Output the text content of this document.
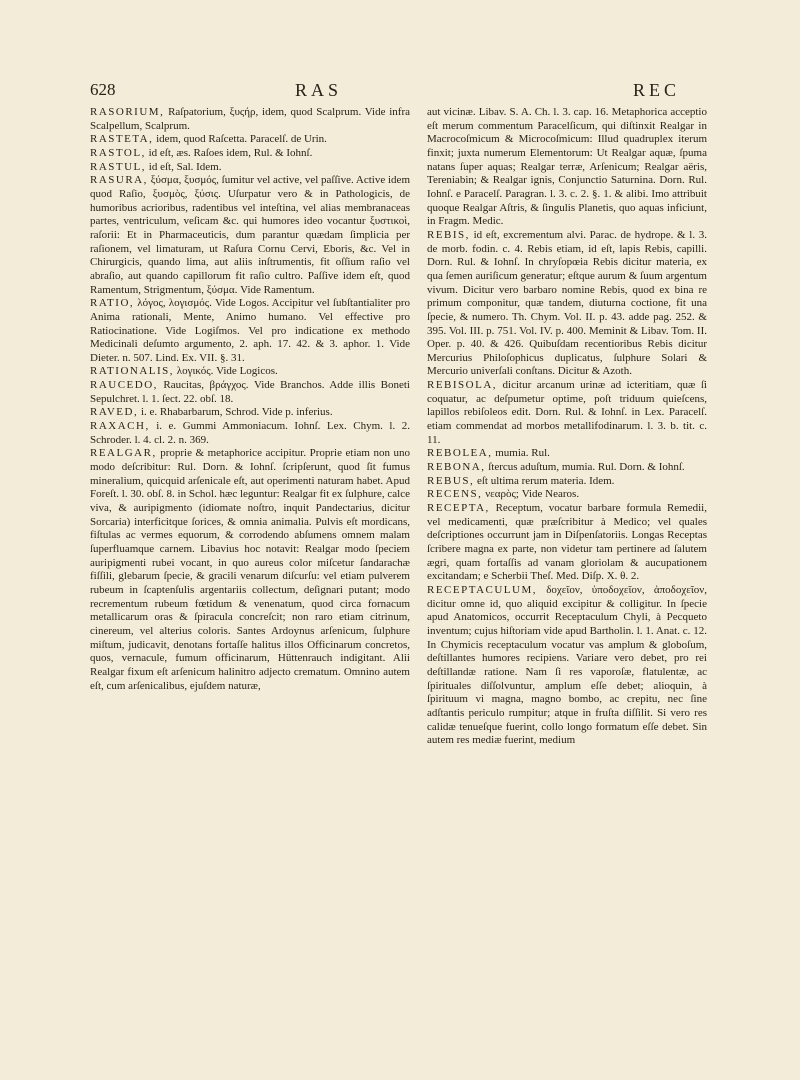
628	RAS	REC

RASORIUM, Raſpatorium, ξυςήρ, idem, quod Scalprum. Vide infra Scalpellum, Scalprum.

RASTETA, idem, quod Raſcetta. Paracelſ. de Urin.

RASTOL, id eſt, æs. Raſoes idem, Rul. & Iohnſ.

RASTUL, id eſt, Sal. Idem.

RASURA, ξύσμα, ξυσμός, ſumitur vel active, vel paſſive. Active idem quod Raſio, ξυσμὸς, ξύσις. Uſurpatur vero & in Pathologicis, de humoribus acrioribus, radentibus vel inteſtina, vel alias membranaceas partes, ventriculum, veſicam &c. qui humores ideo vocantur ξυστικοὶ, raſorii: Et in Pharmaceuticis, dum parantur quædam ſimplicia per raſionem, vel limaturam, ut Raſura Cornu Cervi, Eboris, &c. Vel in Chirurgicis, quando lima, aut aliis inſtrumentis, fit oſſium raſio vel abraſio, aut quando capillorum fit raſio cultro. Paſſive idem eſt, quod Ramentum, Strigmentum, ξύσμα. Vide Ramentum.

RATIO, λόγος, λογισμός. Vide Logos. Accipitur vel ſubſtantialiter pro Anima rationali, Mente, Animo humano. Vel effective pro Ratiocinatione. Vide Logiſmos. Vel pro indicatione ex methodo Medicinali deſumto argumento, 2. aph. 17. 42. & 3. aphor. 1. Vide Dieter. n. 507. Lind. Ex. VII. §. 31.

RATIONALIS, λογικός. Vide Logicos.

RAUCEDO, Raucitas, βράγχος. Vide Branchos. Adde illis Boneti Sepulchret. l. 1. ſect. 22. obſ. 18.

RAVED, i. e. Rhabarbarum, Schrod. Vide p. inferius.

RAXACH, i. e. Gummi Ammoniacum. Iohnſ. Lex. Chym. l. 2. Schroder. l. 4. cl. 2. n. 369.

REALGAR, proprie & metaphorice accipitur. Proprie etiam non uno modo deſcribitur: Rul. Dorn. & Iohnſ. ſcripſerunt, quod ſit fumus mineralium, quicquid arſenicale eſt, aut operimenti naturam habet. Apud Foreſt. l. 30. obſ. 8. in Schol. hæc leguntur: Realgar fit ex ſulphure, calce viva, & auripigmento (idiomate noſtro, inquit Pandectarius, dicitur Sorcaria) interficitque ſorices, & omnia animalia. Pulvis eſt mordicans, fiſtulas ac vermes equorum, & corrodendo abſumens omnem malam ſuperfluamque carnem. Libavius hoc notavit: Realgar modo ſpeciem auripigmenti rubei vocant, in quo aureus color miſcetur ſandarachæ fiſſili, glebarum ſpecie, & gracili venarum diſcurſu: vel etiam pulverem rubeum in ſcaptenſulis argentariis collectum, deſignari putant; modo recrementum rubeum fœtidum & venenatum, quod circa fornacum metallicarum oras & ſpiracula concreſcit; non raro etiam citrinum, cinereum, vel alterius coloris. Santes Ardoynus arſenicum, ſulphure miſtum, judicavit, denotans fortaſſe halitus illos Officinarum concretos, quos, vernacule, fumum officinarum, Hüttenrauch indigitant. Alii Realgar fixum eſt arſenicum halinitro adjecto crematum. Omnino autem eſt, cum arſenicalibus, ejuſdem naturæ,

aut vicinæ. Libav. S. A. Ch. l. 3. cap. 16. Metaphorica acceptio eſt merum commentum Paracelſicum, qui diſtinxit Realgar in Macrocoſmicum & Microcoſmicum: Illud quadruplex iterum finxit; juxta numerum Elementorum: Ut Realgar aquæ, ſpuma natans ſuper aquas; Realgar terræ, Arſenicum; Realgar aëris, Tereniabin; & Realgar ignis, Conjunctio Saturnina. Dorn. Rul. Iohnſ. e Paracelſ. Paragran. l. 3. c. 2. §. 1. & alibi. Imo attribuit quoque Realgar Aſtris, & ſingulis Planetis, quo aquas inficiunt, in Fragm. Medic.

REBIS, id eſt, excrementum alvi. Parac. de hydrope. & l. 3. de morb. fodin. c. 4. Rebis etiam, id eſt, lapis Rebis, capilli. Dorn. Rul. & Iohnſ. In chryſopœia Rebis dicitur materia, ex qua ſemen auriſicum generatur; eſtque aurum & ſuum argentum vivum. Dicitur vero barbaro nomine Rebis, quod ex bina re primum componitur, quæ tandem, diuturna coctione, fit una ſpecie, & numero. Th. Chym. Vol. II. p. 43. adde pag. 252. & 395. Vol. III. p. 751. Vol. IV. p. 400. Meminit & Libav. Tom. II. Oper. p. 40. & 426. Quibuſdam recentioribus Rebis dicitur Mercurius Philoſophicus duplicatus, ſulphure Solari & Mercurio univerſali conſtans. Dicitur & Azoth.

REBISOLA, dicitur arcanum urinæ ad icteritiam, quæ ſi coquatur, ac deſpumetur optime, poſt triduum quieſcens, lapillos rebiſoleos edit. Dorn. Rul. & Iohnſ. in Lex. Paracelſ. etiam commendat ad morbos metallifodinarum. l. 3. b. tit. c. 11.

REBOLEA, mumia. Rul.

REBONA, ſtercus aduſtum, mumia. Rul. Dorn. & Iohnſ.

REBUS, eſt ultima rerum materia. Idem.

RECENS, νεαρὸς; Vide Nearos.

RECEPTA, Receptum, vocatur barbare formula Remedii, vel medicamenti, quæ præſcribitur à Medico; vel quales deſcriptiones occurrunt jam in Diſpenſatoriis. Longas Receptas ſcribere magna ex parte, non videtur tam pertinere ad ſalutem ægri, quam fortaſſis ad vanam gloriolam & aucupationem excitandam; e Scherbii Theſ. Med. Diſp. X. θ. 2.

RECEPTACULUM, δοχεῖον, ὑποδοχεῖον, ἀποδοχεῖον, dicitur omne id, quo aliquid excipitur & colligitur. In ſpecie apud Anatomicos, occurrit Receptaculum Chyli, à Pecqueto inventum; cujus hiſtoriam vide apud Bartholin. l. 1. Anat. c. 12. In Chymicis receptaculum vocatur vas amplum & globoſum, deſtillantes humores recipiens. Variare vero debet, pro rei deſtillandæ ratione. Nam ſi res vaporoſæ, flatulentæ, ac ſpirituales diſſolvuntur, amplum eſſe debet; alioquin, à ſpirituum vi magna, magno bombo, ac crepitu, nec ſine adſtantis periculo rumpitur; atque in fruſta diſſilit. Si vero res calidæ tenueſque fuerint, collo longo formatum eſſe debet. Sin autem res mediæ fuerint, medium
